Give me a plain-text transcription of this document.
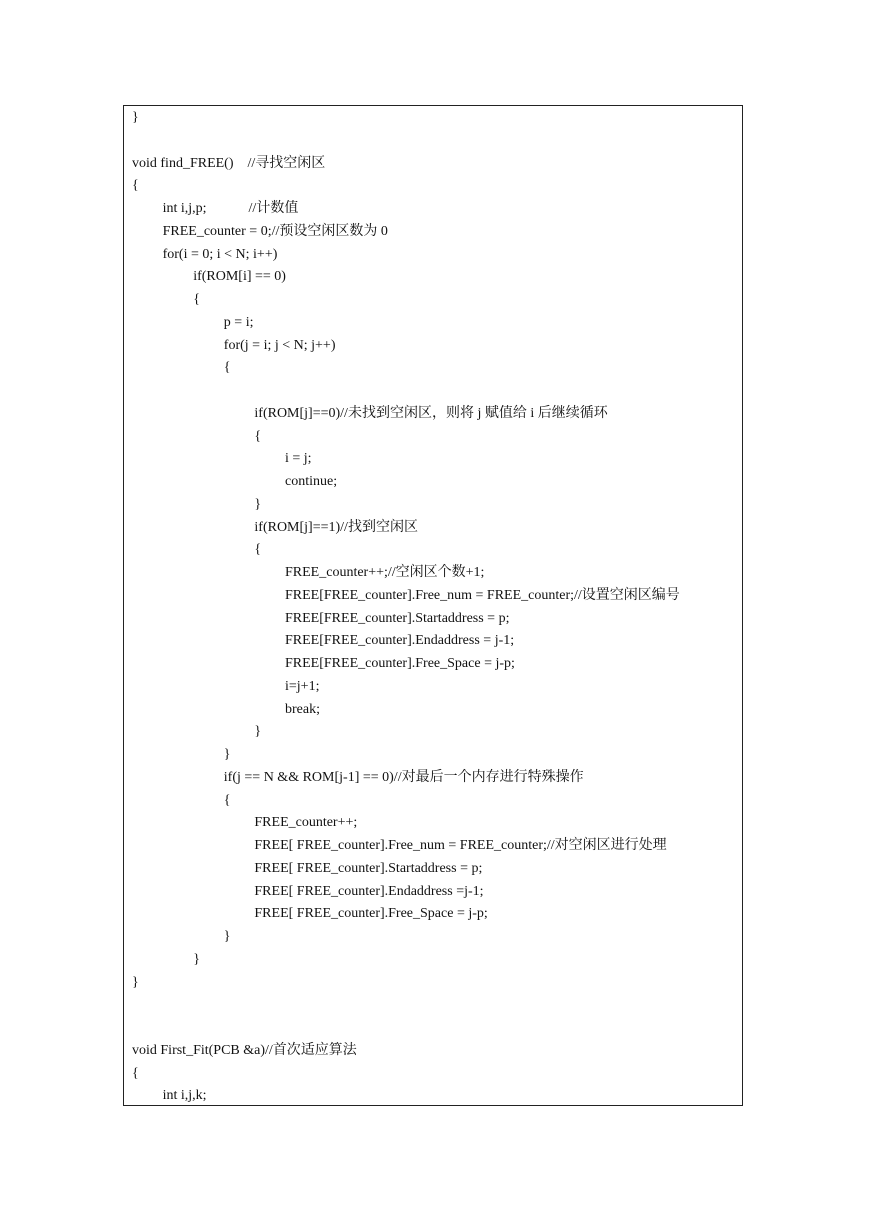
}
void find_FREE()    //寻找空闲区
{
int i,j,p;            //计数值
FREE_counter = 0;//预设空闲区数为 0
for(i = 0; i < N; i++)
if(ROM[i] == 0)
{
p = i;
for(j = i; j < N; j++)
{
if(ROM[j]==0)//未找到空闲区，则将 j 赋值给 i 后继续循环
{
i = j;
continue;
}
if(ROM[j]==1)//找到空闲区
{
FREE_counter++;//空闲区个数+1;
FREE[FREE_counter].Free_num = FREE_counter;//设置空闲区编号
FREE[FREE_counter].Startaddress = p;
FREE[FREE_counter].Endaddress = j-1;
FREE[FREE_counter].Free_Space = j-p;
i=j+1;
break;
}
}
if(j == N && ROM[j-1] == 0)//对最后一个内存进行特殊操作
{
FREE_counter++;
FREE[ FREE_counter].Free_num = FREE_counter;//对空闲区进行处理
FREE[ FREE_counter].Startaddress = p;
FREE[ FREE_counter].Endaddress =j-1;
FREE[ FREE_counter].Free_Space = j-p;
}
}
}
void First_Fit(PCB &a)//首次适应算法
{
int i,j,k;
